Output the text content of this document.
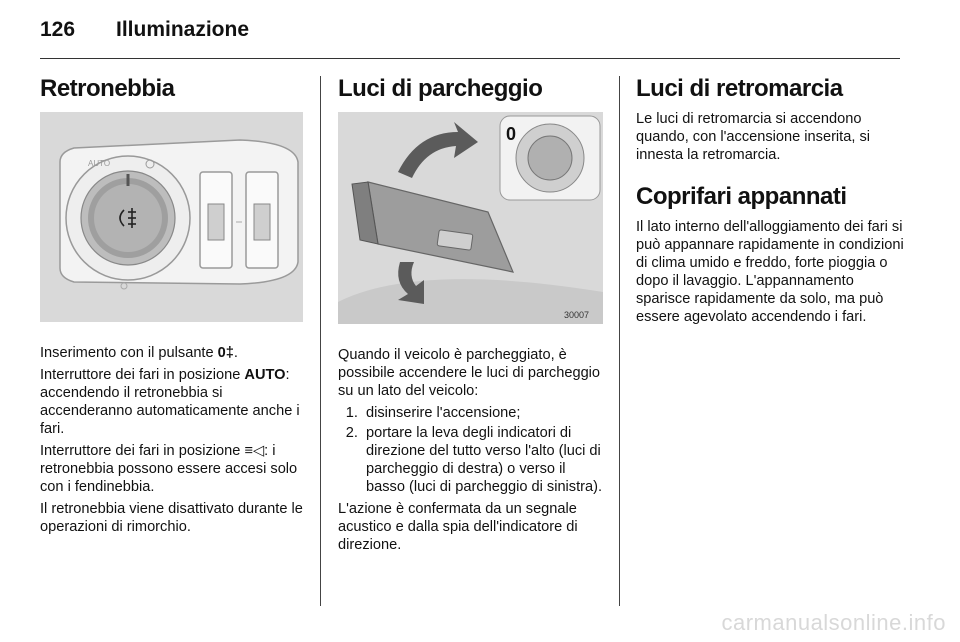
126 Illuminazione
Retronebbia
AUTO

Inserimento con il pulsante 0‡.

Interruttore dei fari in posizione AUTO: accendendo il retronebbia si accenderanno automaticamente anche i fari.

Interruttore dei fari in posizione ≡◁: i retronebbia possono essere accesi solo con i fendinebbia.

Il retronebbia viene disattivato durante le operazioni di rimorchio.

Luci di parcheggio
0
30007

Quando il veicolo è parcheggiato, è possibile accendere le luci di parcheggio su un lato del veicolo:

1. disinserire l'accensione;
2. portare la leva degli indicatori di direzione del tutto verso l'alto (luci di parcheggio di destra) o verso il basso (luci di parcheggio di sinistra).

L'azione è confermata da un segnale acustico e dalla spia dell'indicatore di direzione.

Luci di retromarcia

Le luci di retromarcia si accendono quando, con l'accensione inserita, si innesta la retromarcia.

Coprifari appannati

Il lato interno dell'alloggiamento dei fari si può appannare rapidamente in condizioni di clima umido e freddo, forte pioggia o dopo il lavaggio. L'appannamento sparisce rapidamente da solo, ma può essere agevolato accendendo i fari.

carmanualsonline.info
